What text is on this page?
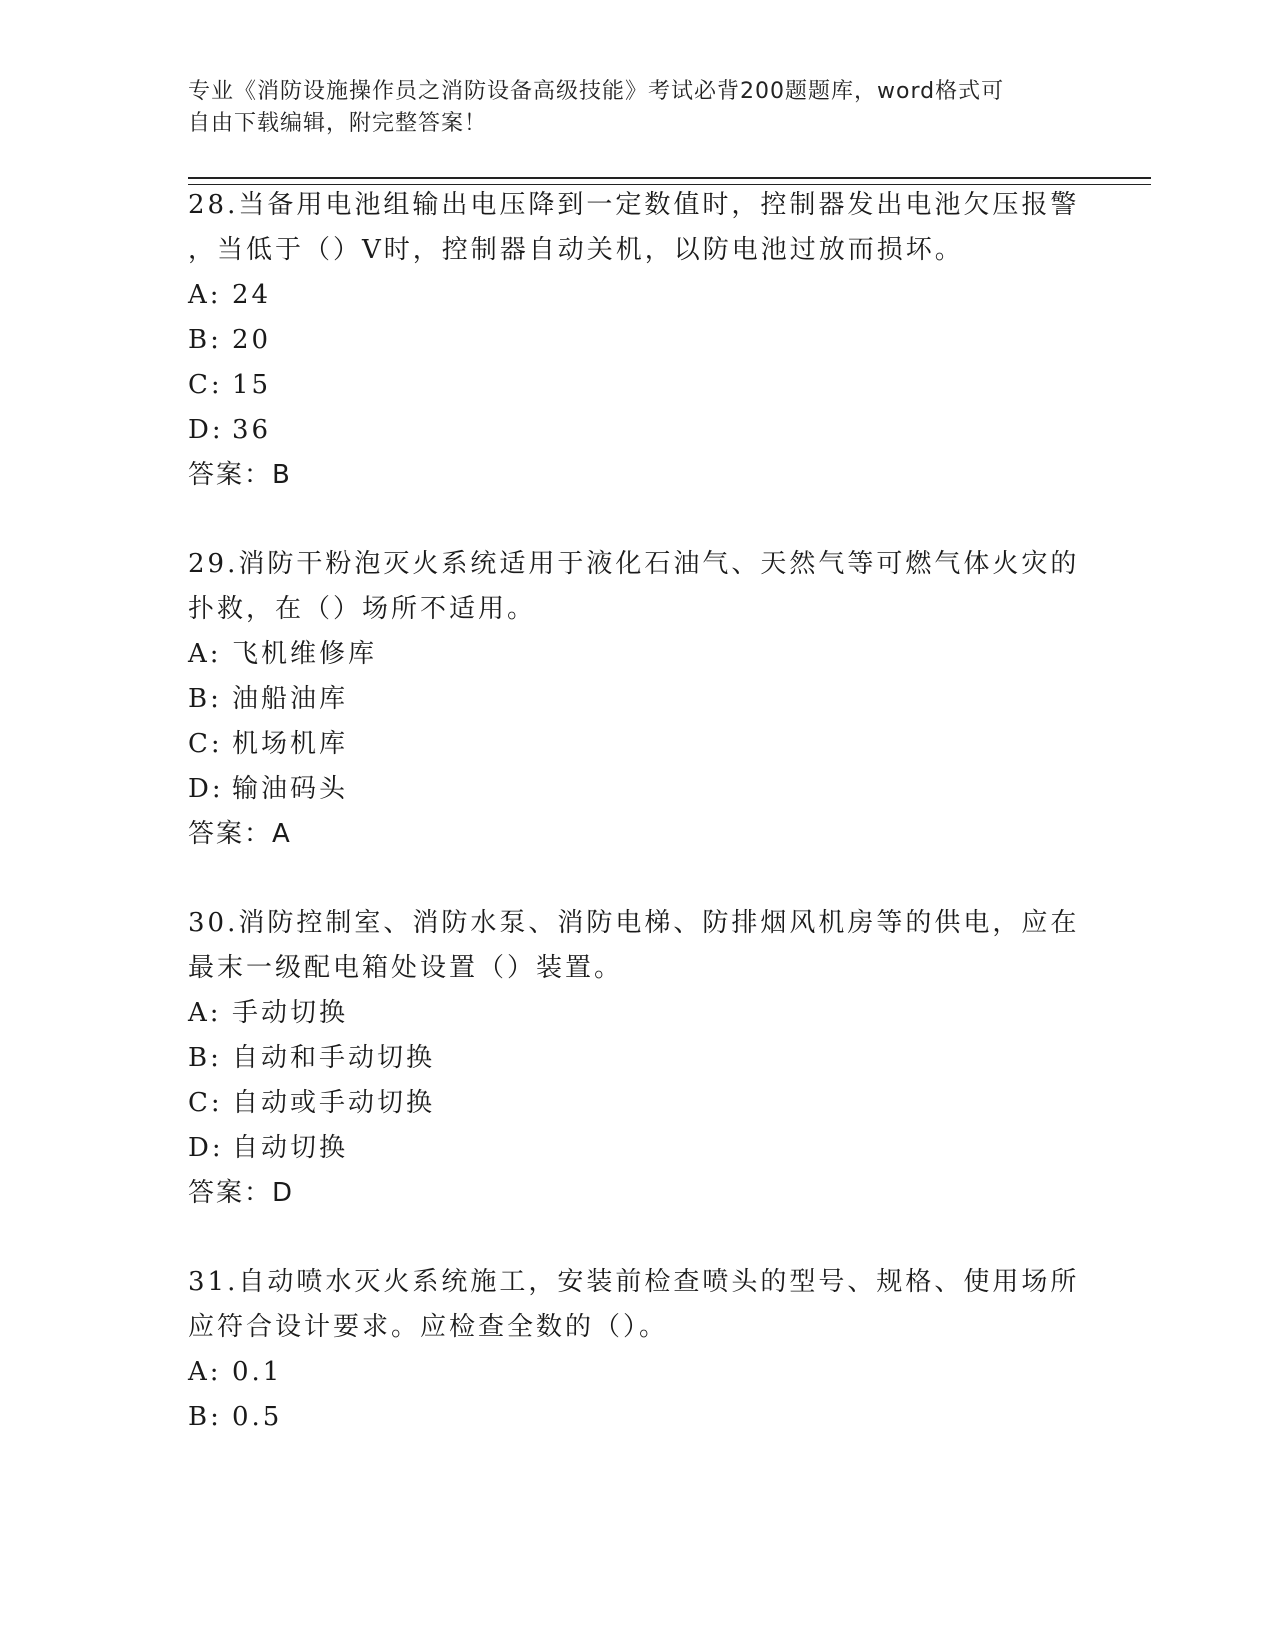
专业《消防设施操作员之消防设备高级技能》考试必背200题题库，word格式可
自由下载编辑，附完整答案！

28.当备用电池组输出电压降到一定数值时，控制器发出电池欠压报警
，当低于（）V时，控制器自动关机，以防电池过放而损坏。

A: 24

B: 20

C: 15

D: 36

答案：B

29.消防干粉泡灭火系统适用于液化石油气、天然气等可燃气体火灾的
扑救，在（）场所不适用。

A: 飞机维修库

B: 油船油库

C: 机场机库

D: 输油码头

答案：A

30.消防控制室、消防水泵、消防电梯、防排烟风机房等的供电，应在
最末一级配电箱处设置（）装置。

A: 手动切换

B: 自动和手动切换

C: 自动或手动切换

D: 自动切换

答案：D

31.自动喷水灭火系统施工，安装前检查喷头的型号、规格、使用场所
应符合设计要求。应检查全数的（）。

A: 0.1

B: 0.5
